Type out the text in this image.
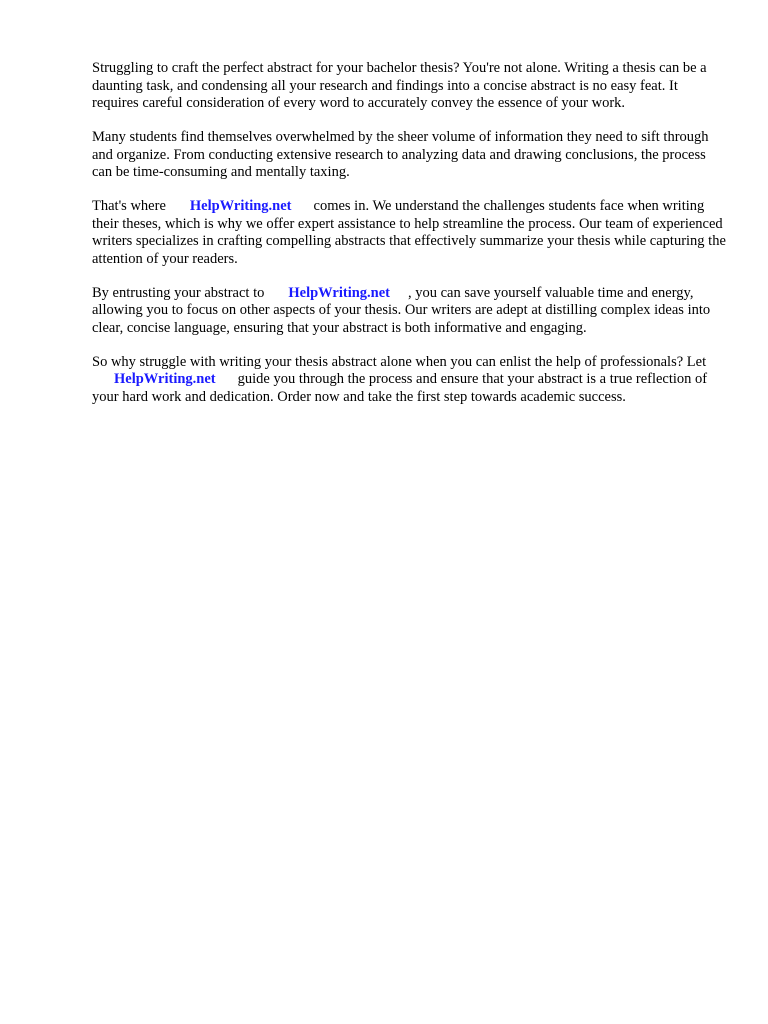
Struggling to craft the perfect abstract for your bachelor thesis? You're not alone. Writing a thesis can be a daunting task, and condensing all your research and findings into a concise abstract is no easy feat. It requires careful consideration of every word to accurately convey the essence of your work.

Many students find themselves overwhelmed by the sheer volume of information they need to sift through and organize. From conducting extensive research to analyzing data and drawing conclusions, the process can be time-consuming and mentally taxing.

That's where HelpWriting.net comes in. We understand the challenges students face when writing their theses, which is why we offer expert assistance to help streamline the process. Our team of experienced writers specializes in crafting compelling abstracts that effectively summarize your thesis while capturing the attention of your readers.

By entrusting your abstract to HelpWriting.net , you can save yourself valuable time and energy, allowing you to focus on other aspects of your thesis. Our writers are adept at distilling complex ideas into clear, concise language, ensuring that your abstract is both informative and engaging.

So why struggle with writing your thesis abstract alone when you can enlist the help of professionals? LetHelpWriting.net guide you through the process and ensure that your abstract is a true reflection of your hard work and dedication. Order now and take the first step towards academic success.
